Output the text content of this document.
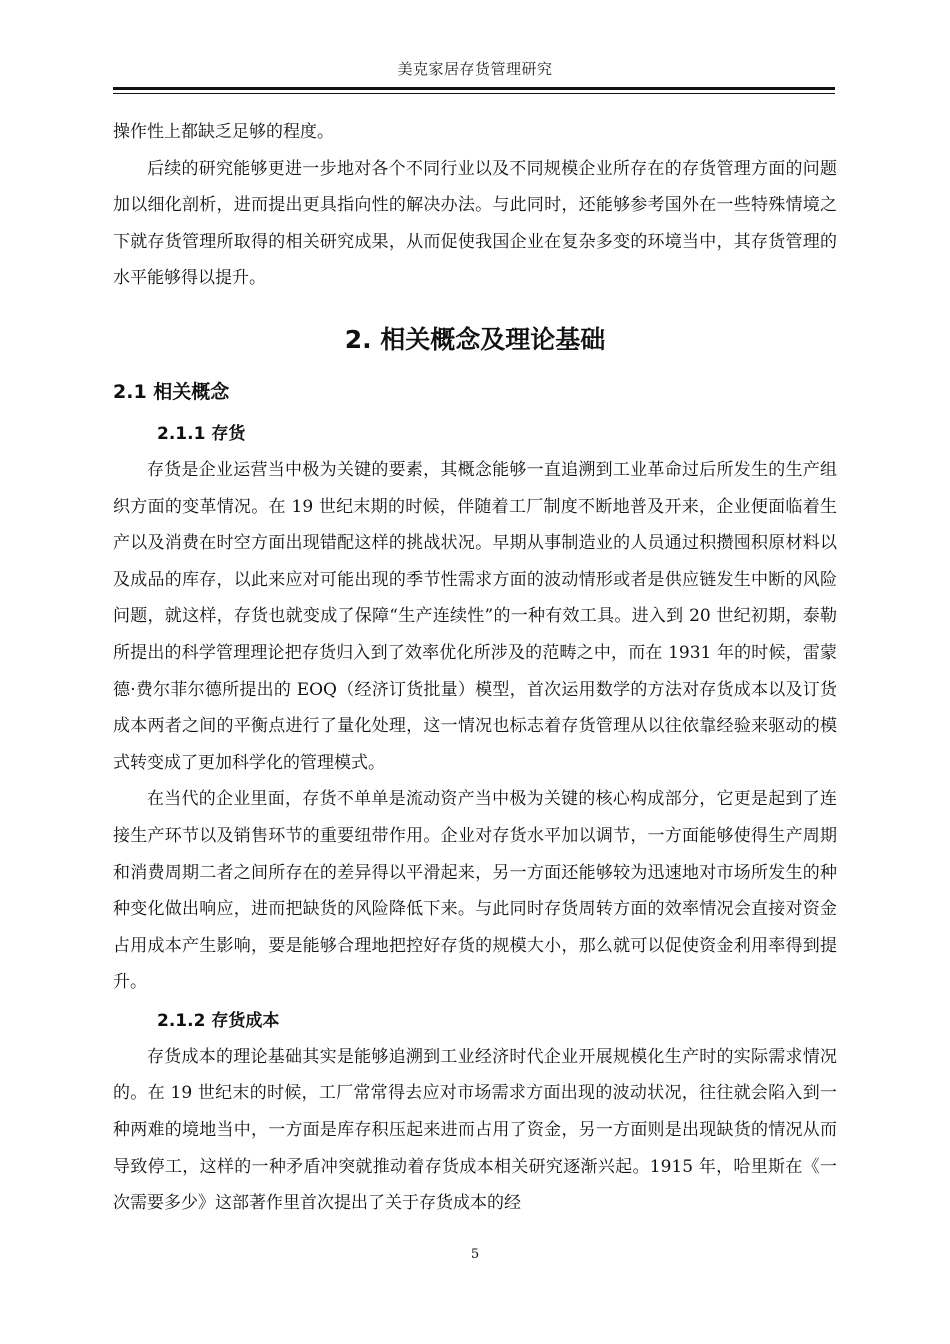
美克家居存货管理研究

操作性上都缺乏足够的程度。

后续的研究能够更进一步地对各个不同行业以及不同规模企业所存在的存货管理方面的问题加以细化剖析，进而提出更具指向性的解决办法。与此同时，还能够参考国外在一些特殊情境之下就存货管理所取得的相关研究成果，从而促使我国企业在复杂多变的环境当中，其存货管理的水平能够得以提升。

2. 相关概念及理论基础
2.1 相关概念
2.1.1 存货

存货是企业运营当中极为关键的要素，其概念能够一直追溯到工业革命过后所发生的生产组织方面的变革情况。在 19 世纪末期的时候，伴随着工厂制度不断地普及开来，企业便面临着生产以及消费在时空方面出现错配这样的挑战状况。早期从事制造业的人员通过积攒囤积原材料以及成品的库存，以此来应对可能出现的季节性需求方面的波动情形或者是供应链发生中断的风险问题，就这样，存货也就变成了保障“生产连续性”的一种有效工具。进入到 20 世纪初期，泰勒所提出的科学管理理论把存货归入到了效率优化所涉及的范畴之中，而在 1931 年的时候，雷蒙德·费尔菲尔德所提出的 EOQ（经济订货批量）模型，首次运用数学的方法对存货成本以及订货成本两者之间的平衡点进行了量化处理，这一情况也标志着存货管理从以往依靠经验来驱动的模式转变成了更加科学化的管理模式。

在当代的企业里面，存货不单单是流动资产当中极为关键的核心构成部分，它更是起到了连接生产环节以及销售环节的重要纽带作用。企业对存货水平加以调节，一方面能够使得生产周期和消费周期二者之间所存在的差异得以平滑起来，另一方面还能够较为迅速地对市场所发生的种种变化做出响应，进而把缺货的风险降低下来。与此同时存货周转方面的效率情况会直接对资金占用成本产生影响，要是能够合理地把控好存货的规模大小，那么就可以促使资金利用率得到提升。

2.1.2 存货成本

存货成本的理论基础其实是能够追溯到工业经济时代企业开展规模化生产时的实际需求情况的。在 19 世纪末的时候，工厂常常得去应对市场需求方面出现的波动状况，往往就会陷入到一种两难的境地当中，一方面是库存积压起来进而占用了资金，另一方面则是出现缺货的情况从而导致停工，这样的一种矛盾冲突就推动着存货成本相关研究逐渐兴起。1915 年，哈里斯在《一次需要多少》这部著作里首次提出了关于存货成本的经

5
